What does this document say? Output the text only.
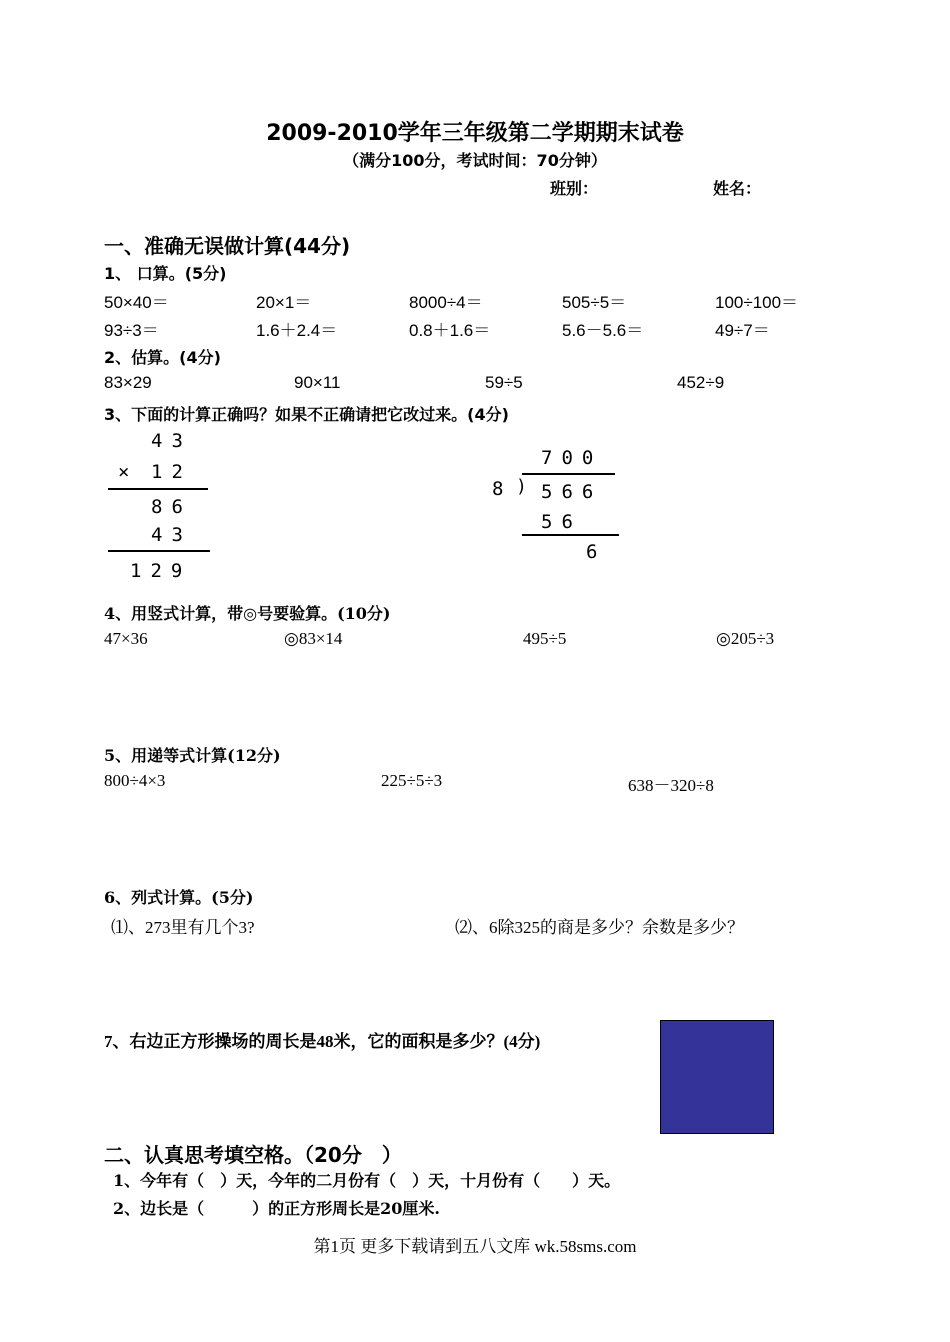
2009-2010学年三年级第二学期期末试卷
（满分100分，考试时间：70分钟）
班别：	姓名：
一、准确无误做计算(44分)
1、 口算。(5分)
50×40＝	20×1＝	8000÷4＝	505÷5＝	100÷100＝
93÷3＝	1.6＋2.4＝	0.8＋1.6＝	5.6－5.6＝	49÷7＝
2、估算。(4分)
83×29	90×11	59÷5	452÷9
3、下面的计算正确吗？如果不正确请把它改过来。(4分)
43
× 12
86
43
129
700
8 ) 566
56
6
4、用竖式计算，带◎号要验算。(10分)
47×36	◎83×14	495÷5	◎205÷3
5、用递等式计算(12分)
800÷4×3	225÷5÷3	638－320÷8
6、列式计算。(5分)
⑴、273里有几个3?	⑵、6除325的商是多少？余数是多少？
7、右边正方形操场的周长是48米，它的面积是多少？(4分)
二、认真思考填空格。（20分　）
1、今年有（　）天，今年的二月份有（　）天，十月份有（　　）天。
2、边长是（　　　）的正方形周长是20厘米.
第1页 更多下载请到五八文库 wk.58sms.com
